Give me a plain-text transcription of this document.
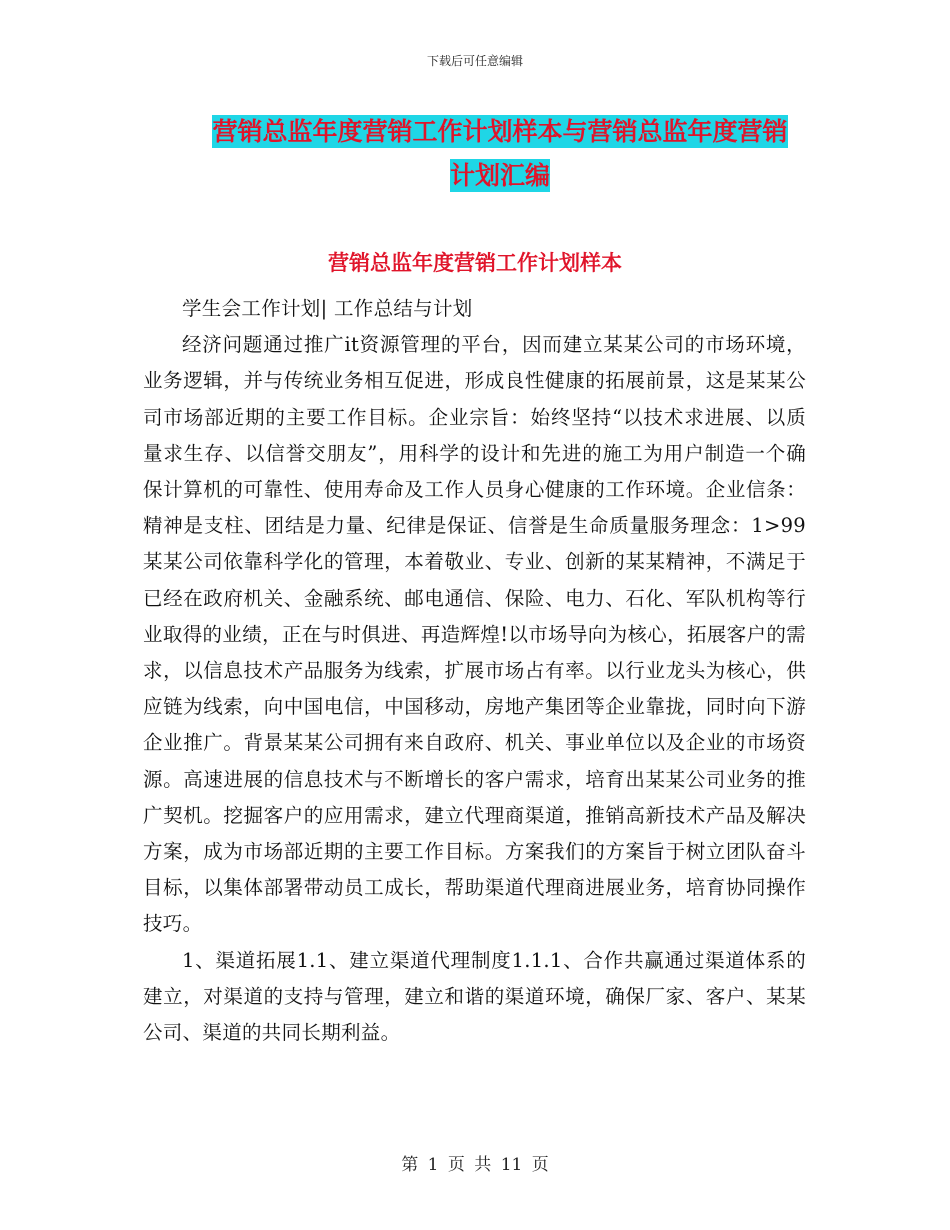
下载后可任意编辑
营销总监年度营销工作计划样本与营销总监年度营销
计划汇编
营销总监年度营销工作计划样本

学生会工作计划| 工作总结与计划

经济问题通过推广it资源管理的平台，因而建立某某公司的市场环境，业务逻辑，并与传统业务相互促进，形成良性健康的拓展前景，这是某某公司市场部近期的主要工作目标。企业宗旨：始终坚持“以技术求进展、以质量求生存、以信誉交朋友”，用科学的设计和先进的施工为用户制造一个确保计算机的可靠性、使用寿命及工作人员身心健康的工作环境。企业信条：精神是支柱、团结是力量、纪律是保证、信誉是生命质量服务理念：1>99某某公司依靠科学化的管理，本着敬业、专业、创新的某某精神，不满足于已经在政府机关、金融系统、邮电通信、保险、电力、石化、军队机构等行业取得的业绩，正在与时俱进、再造辉煌!以市场导向为核心，拓展客户的需求，以信息技术产品服务为线索，扩展市场占有率。以行业龙头为核心，供应链为线索，向中国电信，中国移动，房地产集团等企业靠拢，同时向下游企业推广。背景某某公司拥有来自政府、机关、事业单位以及企业的市场资源。高速进展的信息技术与不断增长的客户需求，培育出某某公司业务的推广契机。挖掘客户的应用需求，建立代理商渠道，推销高新技术产品及解决方案，成为市场部近期的主要工作目标。方案我们的方案旨于树立团队奋斗目标，以集体部署带动员工成长，帮助渠道代理商进展业务，培育协同操作技巧。

1、渠道拓展1.1、建立渠道代理制度1.1.1、合作共赢通过渠道体系的建立，对渠道的支持与管理，建立和谐的渠道环境，确保厂家、客户、某某公司、渠道的共同长期利益。

第 1 页 共 11 页
